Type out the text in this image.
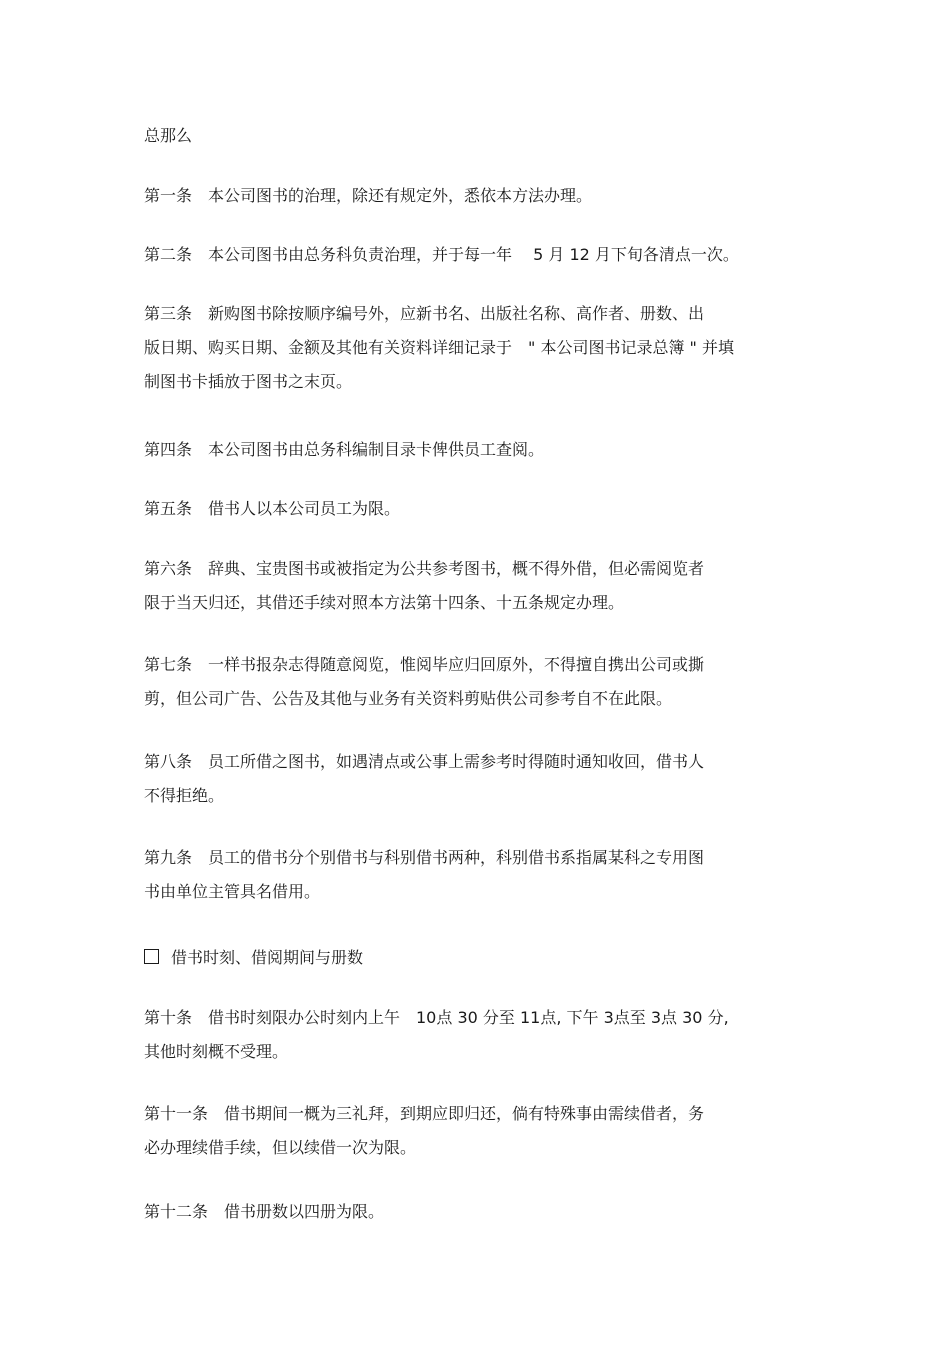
总那么
第一条　本公司图书的治理，除还有规定外，悉依本方法办理。
第二条　本公司图书由总务科负责治理，并于每一年　 5 月 12 月下旬各清点一次。
第三条　新购图书除按顺序编号外，应新书名、出版社名称、高作者、册数、出
版日期、购买日期、金额及其他有关资料详细记录于　" 本公司图书记录总簿 " 并填
制图书卡插放于图书之末页。
第四条　本公司图书由总务科编制目录卡俾供员工查阅。
第五条　借书人以本公司员工为限。
第六条　辞典、宝贵图书或被指定为公共参考图书，概不得外借，但必需阅览者
限于当天归还，其借还手续对照本方法第十四条、十五条规定办理。
第七条　一样书报杂志得随意阅览，惟阅毕应归回原外，不得擅自携出公司或撕
剪，但公司广告、公告及其他与业务有关资料剪贴供公司参考自不在此限。
第八条　员工所借之图书，如遇清点或公事上需参考时得随时通知收回，借书人
不得拒绝。
第九条　员工的借书分个别借书与科别借书两种，科别借书系指属某科之专用图
书由单位主管具名借用。
借书时刻、借阅期间与册数
第十条　借书时刻限办公时刻内上午　10点 30 分至 11点, 下午 3点至 3点 30 分,
其他时刻概不受理。
第十一条　借书期间一概为三礼拜，到期应即归还，倘有特殊事由需续借者，务
必办理续借手续，但以续借一次为限。
第十二条　借书册数以四册为限。
